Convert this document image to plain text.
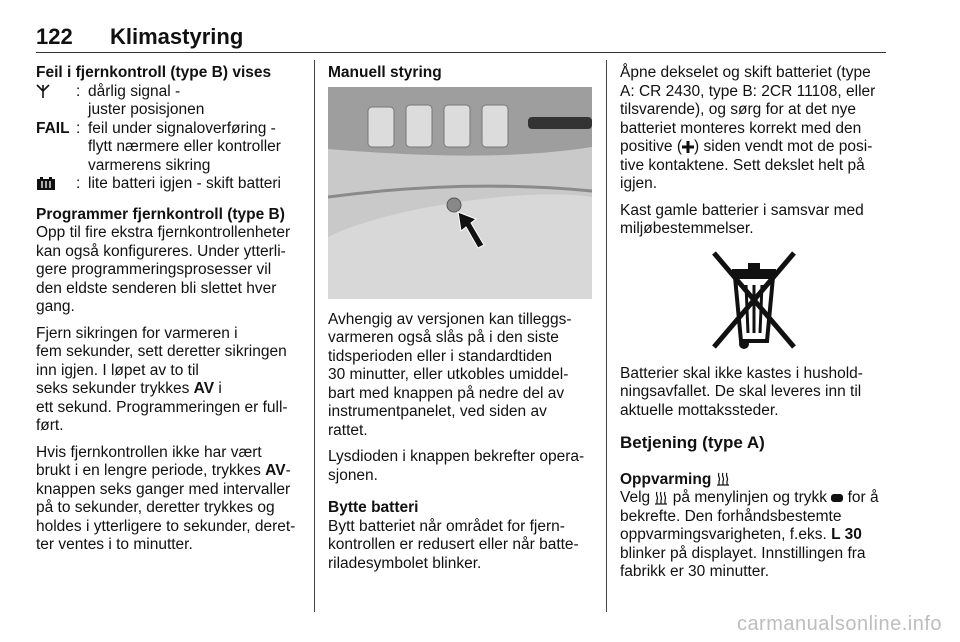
122 Klimastyring
Feil i fjernkontroll (type B) vises
: dårlig signal -
juster posisjonen
FAIL : feil under signaloverføring -
flytt nærmere eller kontroller
varmerens sikring
: lite batteri igjen - skift batteri
Programmer fjernkontroll (type B)

Opp til fire ekstra fjernkontrollenheter
kan også konfigureres. Under ytterli-
gere programmeringsprosesser vil
den eldste senderen bli slettet hver
gang.

Fjern sikringen for varmeren i
fem sekunder, sett deretter sikringen
inn igjen. I løpet av to til
seks sekunder trykkes AV i
ett sekund. Programmeringen er full-
ført.

Hvis fjernkontrollen ikke har vært
brukt i en lengre periode, trykkes AV-
knappen seks ganger med intervaller
på to sekunder, deretter trykkes og
holdes i ytterligere to sekunder, deret-
ter ventes i to minutter.

Manuell styring

Avhengig av versjonen kan tilleggs-
varmeren også slås på i den siste
tidsperioden eller i standardtiden
30 minutter, eller utkobles umiddel-
bart med knappen på nedre del av
instrumentpanelet, ved siden av
rattet.

Lysdioden i knappen bekrefter opera-
sjonen.

Bytte batteri

Bytt batteriet når området for fjern-
kontrollen er redusert eller når batte-
riladesymbolet blinker.

Åpne dekselet og skift batteriet (type
A: CR 2430, type B: 2CR 11108, eller
tilsvarende), og sørg for at det nye
batteriet monteres korrekt med den
positive ( ) siden vendt mot de posi-
tive kontaktene. Sett dekslet helt på
igjen.

Kast gamle batterier i samsvar med
miljøbestemmelser.

Batterier skal ikke kastes i hushold-
ningsavfallet. De skal leveres inn til
aktuelle mottakssteder.

Betjening (type A)
Oppvarming

Velg  på menylinjen og trykk  for å
bekrefte. Den forhåndsbestemte
oppvarmingsvarigheten, f.eks. L 30
blinker på displayet. Innstillingen fra
fabrikk er 30 minutter.

carmanualsonline.info
